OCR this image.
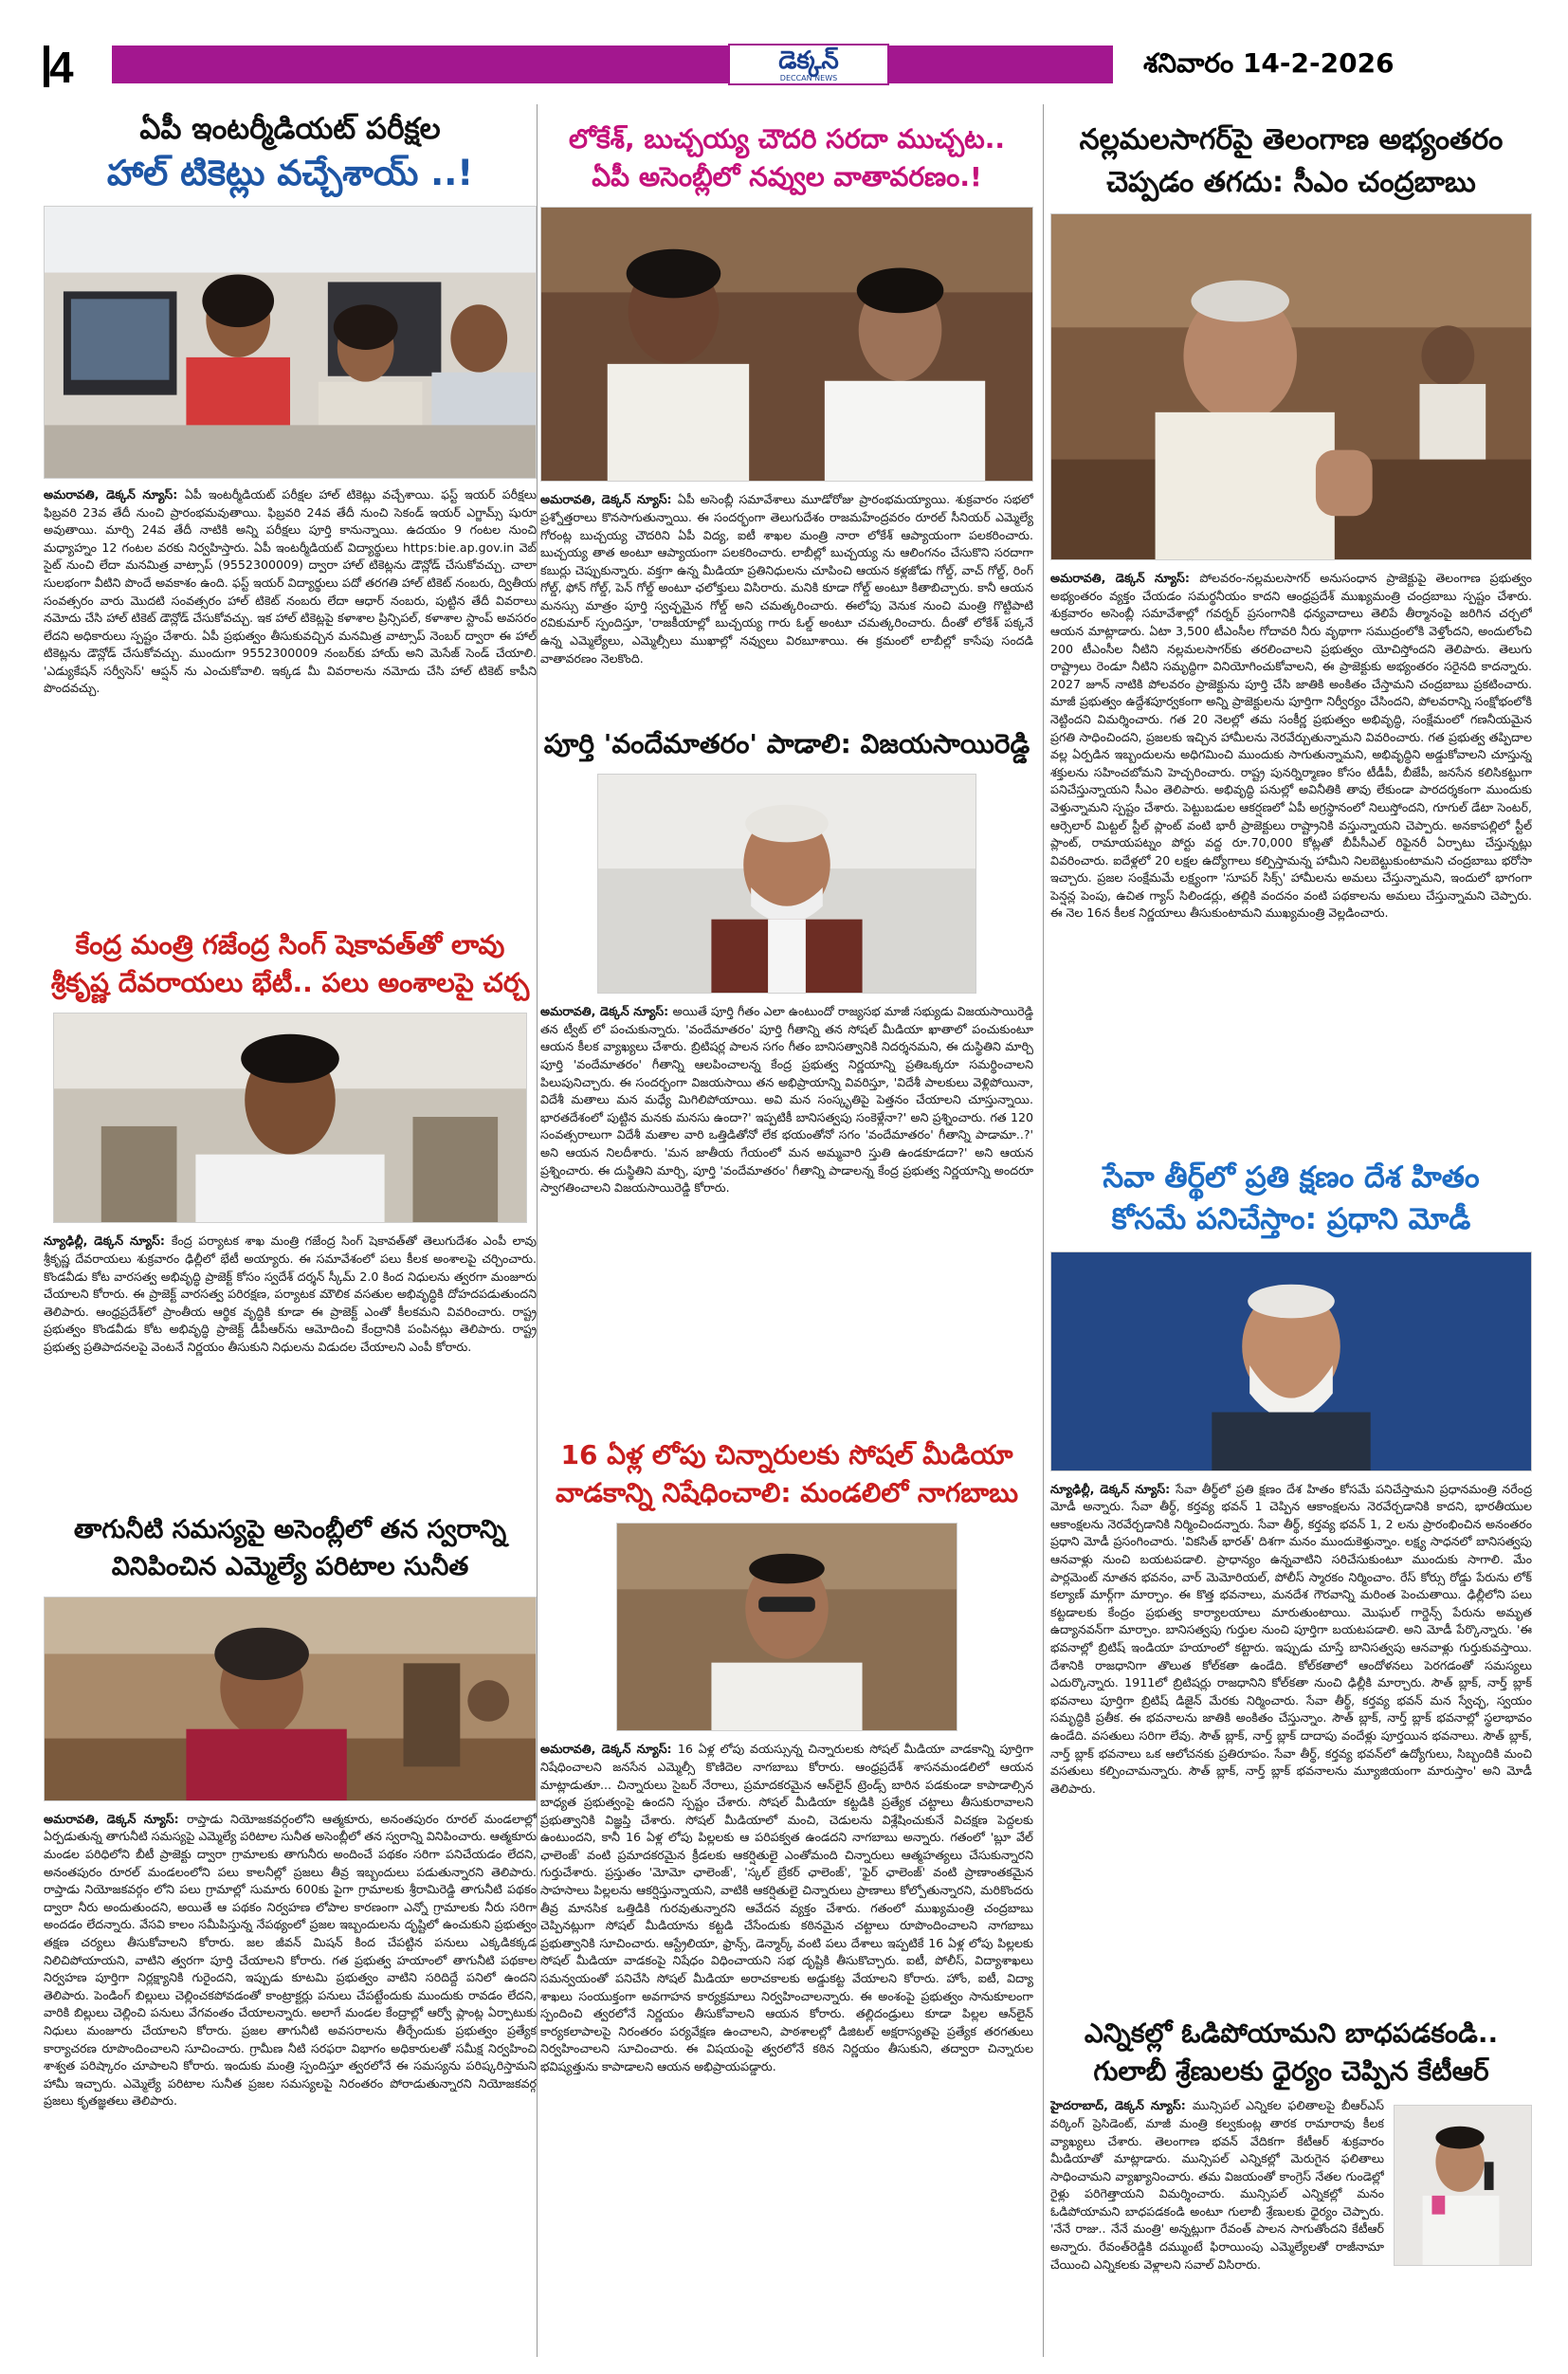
4	డెక్కన్
DECCAN NEWS	శనివారం 14-2-2026
ఏపీ ఇంటర్మీడియట్ పరీక్షల
హాల్ టికెట్లు వచ్చేశాయ్ ..!
అమరావతి, డెక్కన్ న్యూస్: ఏపీ ఇంటర్మీడియట్ పరీక్షల హాల్ టికెట్లు వచ్చేశాయి. ఫస్ట్ ఇయర్ పరీక్షలు ఫిబ్రవరి 23వ తేదీ నుంచి ప్రారంభమవుతాయి. ఫిబ్రవరి 24వ తేదీ నుంచి సెకండ్ ఇయర్ ఎగ్జామ్స్ షురూ అవుతాయి. మార్చి 24వ తేదీ నాటికి అన్ని పరీక్షలు పూర్తి కానున్నాయి. ఉదయం 9 గంటల నుంచి మధ్యాహ్నం 12 గంటల వరకు నిర్వహిస్తారు. ఏపీ ఇంటర్మీడియట్ విద్యార్థులు https:bie.ap.gov.in వెబ్ సైట్ నుంచి లేదా మనమిత్ర వాట్సాప్ (9552300009) ద్వారా హాల్ టికెట్లను డౌన్లోడ్ చేసుకోవచ్చు. చాలా సులభంగా వీటిని పొందే అవకాశం ఉంది. ఫస్ట్ ఇయర్ విద్యార్థులు పదో తరగతి హాల్ టికెట్ నంబరు, ద్వితీయ సంవత్సరం వారు మొదటి సంవత్సరం హాల్ టికెట్ నంబరు లేదా ఆధార్ నంబరు, పుట్టిన తేదీ వివరాలు నమోదు చేసి హాల్ టికెట్ డౌన్లోడ్ చేసుకోవచ్చు. ఇక హాల్ టికెట్లపై కళాశాల ప్రిన్సిపల్, కళాశాల స్టాంప్ అవసరం లేదని అధికారులు స్పష్టం చేశారు. ఏపీ ప్రభుత్వం తీసుకువచ్చిన మనమిత్ర వాట్సాప్ నెంబర్ ద్వారా ఈ హాల్ టికెట్లను డౌన్లోడ్ చేసుకోవచ్చు. ముందుగా 9552300009 నంబర్‌కు హాయ్ అని మెసేజ్ సెండ్ చేయాలి. 'ఎడ్యుకేషన్ సర్వీసెస్' ఆప్షన్ ను ఎంచుకోవాలి. ఇక్కడ మీ వివరాలను నమోదు చేసి హాల్ టికెట్ కాపీని పొందవచ్చు.
కేంద్ర మంత్రి గజేంద్ర సింగ్ షెకావత్‌తో లావు
శ్రీకృష్ణ దేవరాయలు భేటీ.. పలు అంశాలపై చర్చ
న్యూఢిల్లీ, డెక్కన్ న్యూస్: కేంద్ర పర్యాటక శాఖ మంత్రి గజేంద్ర సింగ్ షెకావత్‌తో తెలుగుదేశం ఎంపీ లావు శ్రీకృష్ణ దేవరాయలు శుక్రవారం ఢిల్లీలో భేటీ అయ్యారు. ఈ సమావేశంలో పలు కీలక అంశాలపై చర్చించారు. కొండవీడు కోట వారసత్వ అభివృద్ధి ప్రాజెక్ట్ కోసం స్వదేశ్ దర్శన్ స్కీమ్ 2.0 కింద నిధులను త్వరగా మంజూరు చేయాలని కోరారు. ఈ ప్రాజెక్ట్ వారసత్వ పరిరక్షణ, పర్యాటక మౌలిక వసతుల అభివృద్ధికి దోహదపడుతుందని తెలిపారు. ఆంధ్రప్రదేశ్‌లో ప్రాంతీయ ఆర్థిక వృద్ధికి కూడా ఈ ప్రాజెక్ట్ ఎంతో కీలకమని వివరించారు. రాష్ట్ర ప్రభుత్వం కొండవీడు కోట అభివృద్ధి ప్రాజెక్ట్ డీపీఆర్‌ను ఆమోదించి కేంద్రానికి పంపినట్లు తెలిపారు. రాష్ట్ర ప్రభుత్వ ప్రతిపాదనలపై వెంటనే నిర్ణయం తీసుకుని నిధులను విడుదల చేయాలని ఎంపీ కోరారు.
తాగునీటి సమస్యపై అసెంబ్లీలో తన స్వరాన్ని
వినిపించిన ఎమ్మెల్యే పరిటాల సునీత
అమరావతి, డెక్కన్ న్యూస్: రాప్తాడు నియోజకవర్గంలోని ఆత్మకూరు, అనంతపురం రూరల్ మండలాల్లో ఏర్పడుతున్న తాగునీటి సమస్యపై ఎమ్మెల్యే పరిటాల సునీత అసెంబ్లీలో తన స్వరాన్ని వినిపించారు. ఆత్మకూరు మండల పరిధిలోని బీటీ ప్రాజెక్టు ద్వారా గ్రామాలకు తాగునీరు అందించే పథకం సరిగా పనిచేయడం లేదని, అనంతపురం రూరల్ మండలంలోని పలు కాలనీల్లో ప్రజలు తీవ్ర ఇబ్బందులు పడుతున్నారని తెలిపారు. రాప్తాడు నియోజకవర్గం లోని పలు గ్రామాల్లో సుమారు 600కు పైగా గ్రామాలకు శ్రీరామిరెడ్డి తాగునీటి పథకం ద్వారా నీరు అందుతుందని, అయితే ఆ పథకం నిర్వహణ లోపాల కారణంగా ఎన్నో గ్రామాలకు నీరు సరిగా అందడం లేదన్నారు. వేసవి కాలం సమీపిస్తున్న నేపథ్యంలో ప్రజల ఇబ్బందులను దృష్టిలో ఉంచుకుని ప్రభుత్వం తక్షణ చర్యలు తీసుకోవాలని కోరారు. జల జీవన్ మిషన్ కింద చేపట్టిన పనులు ఎక్కడికక్కడ నిలిచిపోయాయని, వాటిని త్వరగా పూర్తి చేయాలని కోరారు. గత ప్రభుత్వ హయాంలో తాగునీటి పథకాల నిర్వహణ పూర్తిగా నిర్లక్ష్యానికి గురైందని, ఇప్పుడు కూటమి ప్రభుత్వం వాటిని సరిదిద్దే పనిలో ఉందని తెలిపారు. పెండింగ్ బిల్లులు చెల్లించకపోవడంతో కాంట్రాక్టర్లు పనులు చేపట్టేందుకు ముందుకు రావడం లేదని, వారికి బిల్లులు చెల్లించి పనులు వేగవంతం చేయాలన్నారు. అలాగే మండల కేంద్రాల్లో ఆర్వో ప్లాంట్ల ఏర్పాటుకు నిధులు మంజూరు చేయాలని కోరారు. ప్రజల తాగునీటి అవసరాలను తీర్చేందుకు ప్రభుత్వం ప్రత్యేక కార్యాచరణ రూపొందించాలని సూచించారు. గ్రామీణ నీటి సరఫరా విభాగం అధికారులతో సమీక్ష నిర్వహించి శాశ్వత పరిష్కారం చూపాలని కోరారు. ఇందుకు మంత్రి స్పందిస్తూ త్వరలోనే ఈ సమస్యను పరిష్కరిస్తామని హామీ ఇచ్చారు. ఎమ్మెల్యే పరిటాల సునీత ప్రజల సమస్యలపై నిరంతరం పోరాడుతున్నారని నియోజకవర్గ ప్రజలు కృతజ్ఞతలు తెలిపారు.
లోకేశ్, బుచ్చయ్య చౌదరి సరదా ముచ్చట..
ఏపీ అసెంబ్లీలో నవ్వుల వాతావరణం.!
అమరావతి, డెక్కన్ న్యూస్: ఏపీ అసెంబ్లీ సమావేశాలు మూడోరోజు ప్రారంభమయ్యాయి. శుక్రవారం సభలో ప్రశ్నోత్తరాలు కొనసాగుతున్నాయి. ఈ సందర్భంగా తెలుగుదేశం రాజమహేంద్రవరం రూరల్ సీనియర్ ఎమ్మెల్యే గోరంట్ల బుచ్చయ్య చౌదరిని ఏపీ విద్య, ఐటీ శాఖల మంత్రి నారా లోకేశ్ ఆప్యాయంగా పలకరించారు. బుచ్చయ్య తాత అంటూ ఆప్యాయంగా పలకరించారు. లాబీల్లో బుచ్చయ్య ను ఆలింగనం చేసుకొని సరదాగా కబుర్లు చెప్పుకున్నారు. వక్తగా ఉన్న మీడియా ప్రతినిధులను చూపించి ఆయన కళ్లజోడు గోల్డ్, వాచ్ గోల్డ్, రింగ్ గోల్డ్, ఫోన్ గోల్డ్, పెన్ గోల్డ్ అంటూ ఛలోక్తులు విసిరారు. మనికి కూడా గోల్డ్ అంటూ కితాబిచ్చారు. కానీ ఆయన మనస్సు మాత్రం పూర్తి స్వచ్ఛమైన గోల్డ్ అని చమత్కరించారు. ఈలోపు వెనుక నుంచి మంత్రి గొట్టిపాటి రవికుమార్ స్పందిస్తూ, 'రాజకీయాల్లో బుచ్చయ్య గారు ఓల్డ్ అంటూ చమత్కరించారు. దీంతో లోకేశ్ పక్కనే ఉన్న ఎమ్మెల్యేలు, ఎమ్మెల్సీలు ముఖాల్లో నవ్వులు విరబూశాయి. ఈ క్రమంలో లాబీల్లో కాసేపు సందడి వాతావరణం నెలకొంది.
పూర్తి 'వందేమాతరం' పాడాలి: విజయసాయిరెడ్డి
అమరావతి, డెక్కన్ న్యూస్: అయితే పూర్తి గీతం ఎలా ఉంటుందో రాజ్యసభ మాజీ సభ్యుడు విజయసాయిరెడ్డి తన ట్వీట్ లో పంచుకున్నారు. 'వందేమాతరం' పూర్తి గీతాన్ని తన సోషల్ మీడియా ఖాతాలో పంచుకుంటూ ఆయన కీలక వ్యాఖ్యలు చేశారు. బ్రిటిషర్ల పాలన సగం గీతం బానిసత్వానికి నిదర్శనమని, ఈ దుస్థితిని మార్చి పూర్తి 'వందేమాతరం' గీతాన్ని ఆలపించాలన్న కేంద్ర ప్రభుత్వ నిర్ణయాన్ని ప్రతిఒక్కరూ సమర్థించాలని పిలుపునిచ్చారు. ఈ సందర్భంగా విజయసాయి తన అభిప్రాయాన్ని వివరిస్తూ, 'విదేశీ పాలకులు వెళ్లిపోయినా, విదేశీ మతాలు మన మధ్యే మిగిలిపోయాయి. అవి మన సంస్కృతిపై పెత్తనం చేయాలని చూస్తున్నాయి. భారతదేశంలో పుట్టిన మనకు మనసు ఉందా?' ఇప్పటికీ బానిసత్వపు సంకెళ్లేనా?' అని ప్రశ్నించారు. గత 120 సంవత్సరాలుగా విదేశీ మతాల వారి ఒత్తిడితోనో లేక భయంతోనో సగం 'వందేమాతరం' గీతాన్ని పాడామా..?' అని ఆయన నిలదీశారు. 'మన జాతీయ గేయంలో మన అమ్మవారి స్తుతి ఉండకూడదా?' అని ఆయన ప్రశ్నించారు. ఈ దుస్థితిని మార్చి, పూర్తి 'వందేమాతరం' గీతాన్ని పాడాలన్న కేంద్ర ప్రభుత్వ నిర్ణయాన్ని అందరూ స్వాగతించాలని విజయసాయిరెడ్డి కోరారు.
16 ఏళ్ల లోపు చిన్నారులకు సోషల్ మీడియా
వాడకాన్ని నిషేధించాలి: మండలిలో నాగబాబు
అమరావతి, డెక్కన్ న్యూస్: 16 ఏళ్ల లోపు వయస్సున్న చిన్నారులకు సోషల్ మీడియా వాడకాన్ని పూర్తిగా నిషేధించాలని జనసేన ఎమ్మెల్సీ కొణిదెల నాగబాబు కోరారు. ఆంధ్రప్రదేశ్ శాసనమండలిలో ఆయన మాట్లాడుతూ... చిన్నారులు సైబర్ నేరాలు, ప్రమాదకరమైన ఆన్‌లైన్ ట్రెండ్స్ బారిన పడకుండా కాపాడాల్సిన బాధ్యత ప్రభుత్వంపై ఉందని స్పష్టం చేశారు. సోషల్ మీడియా కట్టడికి ప్రత్యేక చట్టాలు తీసుకురావాలని ప్రభుత్వానికి విజ్ఞప్తి చేశారు. సోషల్ మీడియాలో మంచి, చెడులను విశ్లేషించుకునే విచక్షణ పెద్దలకు ఉంటుందని, కానీ 16 ఏళ్ల లోపు పిల్లలకు ఆ పరిపక్వత ఉండదని నాగబాబు అన్నారు. గతంలో 'బ్లూ వేల్ ఛాలెంజ్' వంటి ప్రమాదకరమైన క్రీడలకు ఆకర్షితులై ఎంతోమంది చిన్నారులు ఆత్మహత్యలు చేసుకున్నారని గుర్తుచేశారు. ప్రస్తుతం 'మోమో ఛాలెంజ్', 'స్కల్ బ్రేకర్ ఛాలెంజ్', 'ఫైర్ ఛాలెంజ్' వంటి ప్రాణాంతకమైన సాహసాలు పిల్లలను ఆకర్షిస్తున్నాయని, వాటికి ఆకర్షితులై చిన్నారులు ప్రాణాలు కోల్పోతున్నారని, మరికొందరు తీవ్ర మానసిక ఒత్తిడికి గురవుతున్నారని ఆవేదన వ్యక్తం చేశారు. గతంలో ముఖ్యమంత్రి చంద్రబాబు చెప్పినట్లుగా సోషల్ మీడియాను కట్టడి చేసేందుకు కఠినమైన చట్టాలు రూపొందించాలని నాగబాబు ప్రభుత్వానికి సూచించారు. ఆస్ట్రేలియా, ఫ్రాన్స్, డెన్మార్క్ వంటి పలు దేశాలు ఇప్పటికే 16 ఏళ్ల లోపు పిల్లలకు సోషల్ మీడియా వాడకంపై నిషేధం విధించాయని సభ దృష్టికి తీసుకొచ్చారు. ఐటీ, పోలీస్, విద్యాశాఖలు సమన్వయంతో పనిచేసి సోషల్ మీడియా అరాచకాలకు అడ్డుకట్ట వేయాలని కోరారు. హోం, ఐటీ, విద్యా శాఖలు సంయుక్తంగా అవగాహన కార్యక్రమాలు నిర్వహించాలన్నారు. ఈ అంశంపై ప్రభుత్వం సానుకూలంగా స్పందించి త్వరలోనే నిర్ణయం తీసుకోవాలని ఆయన కోరారు. తల్లిదండ్రులు కూడా పిల్లల ఆన్‌లైన్ కార్యకలాపాలపై నిరంతరం పర్యవేక్షణ ఉంచాలని, పాఠశాలల్లో డిజిటల్ అక్షరాస్యతపై ప్రత్యేక తరగతులు నిర్వహించాలని సూచించారు. ఈ విషయంపై త్వరలోనే కఠిన నిర్ణయం తీసుకుని, తద్వారా చిన్నారుల భవిష్యత్తును కాపాడాలని ఆయన అభిప్రాయపడ్డారు.
నల్లమలసాగర్‌పై తెలంగాణ అభ్యంతరం
చెప్పడం తగదు: సీఎం చంద్రబాబు
అమరావతి, డెక్కన్ న్యూస్: పోలవరం-నల్లమలసాగర్ అనుసంధాన ప్రాజెక్టుపై తెలంగాణ ప్రభుత్వం అభ్యంతరం వ్యక్తం చేయడం సమర్థనీయం కాదని ఆంధ్రప్రదేశ్ ముఖ్యమంత్రి చంద్రబాబు స్పష్టం చేశారు. శుక్రవారం అసెంబ్లీ సమావేశాల్లో గవర్నర్ ప్రసంగానికి ధన్యవాదాలు తెలిపే తీర్మానంపై జరిగిన చర్చలో ఆయన మాట్లాడారు. ఏటా 3,500 టీఎంసీల గోదావరి నీరు వృథాగా సముద్రంలోకి వెళ్తోందని, అందులోంచి 200 టీఎంసీల నీటిని నల్లమలసాగర్‌కు తరలించాలని ప్రభుత్వం యోచిస్తోందని తెలిపారు. తెలుగు రాష్ట్రాలు రెండూ నీటిని సమృద్ధిగా వినియోగించుకోవాలని, ఈ ప్రాజెక్టుకు అభ్యంతరం సరైనది కాదన్నారు. 2027 జూన్ నాటికి పోలవరం ప్రాజెక్టును పూర్తి చేసి జాతికి అంకితం చేస్తామని చంద్రబాబు ప్రకటించారు. మాజీ ప్రభుత్వం ఉద్దేశపూర్వకంగా అన్ని ప్రాజెక్టులను పూర్తిగా నిర్వీర్యం చేసిందని, పోలవరాన్ని సంక్షోభంలోకి నెట్టిందని విమర్శించారు. గత 20 నెలల్లో తమ సంకీర్ణ ప్రభుత్వం అభివృద్ధి, సంక్షేమంలో గణనీయమైన ప్రగతి సాధించిందని, ప్రజలకు ఇచ్చిన హామీలను నెరవేర్చుతున్నామని వివరించారు. గత ప్రభుత్వ తప్పిదాల వల్ల ఏర్పడిన ఇబ్బందులను అధిగమించి ముందుకు సాగుతున్నామని, అభివృద్ధిని అడ్డుకోవాలని చూస్తున్న శక్తులను సహించబోమని హెచ్చరించారు. రాష్ట్ర పునర్నిర్మాణం కోసం టీడీపీ, బీజేపీ, జనసేన కలిసికట్టుగా పనిచేస్తున్నాయని సీఎం తెలిపారు. అభివృద్ధి పనుల్లో అవినీతికి తావు లేకుండా పారదర్శకంగా ముందుకు వెళ్తున్నామని స్పష్టం చేశారు. పెట్టుబడుల ఆకర్షణలో ఏపీ అగ్రస్థానంలో నిలుస్తోందని, గూగుల్ డేటా సెంటర్, ఆర్సెలార్ మిట్టల్ స్టీల్ ప్లాంట్ వంటి భారీ ప్రాజెక్టులు రాష్ట్రానికి వస్తున్నాయని చెప్పారు. అనకాపల్లిలో స్టీల్ ప్లాంట్, రామాయపట్నం పోర్టు వద్ద రూ.70,000 కోట్లతో బీపీసీఎల్ రిఫైనరీ ఏర్పాటు చేస్తున్నట్లు వివరించారు. ఐదేళ్లలో 20 లక్షల ఉద్యోగాలు కల్పిస్తామన్న హామీని నిలబెట్టుకుంటామని చంద్రబాబు భరోసా ఇచ్చారు. ప్రజల సంక్షేమమే లక్ష్యంగా 'సూపర్ సిక్స్' హామీలను అమలు చేస్తున్నామని, ఇందులో భాగంగా పెన్షన్ల పెంపు, ఉచిత గ్యాస్ సిలిండర్లు, తల్లికి వందనం వంటి పథకాలను అమలు చేస్తున్నామని చెప్పారు. ఈ నెల 16న కీలక నిర్ణయాలు తీసుకుంటామని ముఖ్యమంత్రి వెల్లడించారు.
సేవా తీర్థ్‌లో ప్రతి క్షణం దేశ హితం
కోసమే పనిచేస్తాం: ప్రధాని మోడీ
న్యూఢిల్లీ, డెక్కన్ న్యూస్: సేవా తీర్థ్‌లో ప్రతి క్షణం దేశ హితం కోసమే పనిచేస్తామని ప్రధానమంత్రి నరేంద్ర మోడీ అన్నారు. సేవా తీర్థ్, కర్తవ్య భవన్ 1 చెప్పిన ఆకాంక్షలను నెరవేర్చడానికి కాదని, భారతీయుల ఆకాంక్షలను నెరవేర్చడానికి నిర్మించిందన్నారు. సేవా తీర్థ్, కర్తవ్య భవన్ 1, 2 లను ప్రారంభించిన అనంతరం ప్రధాని మోడీ ప్రసంగించారు. 'వికసిత్ భారత్' దిశగా మనం ముందుకెళ్తున్నాం. లక్ష్య సాధనలో బానిసత్వపు ఆనవాళ్లు నుంచి బయటపడాలి. ప్రాధాన్యం ఉన్నవాటిని సరిచేసుకుంటూ ముందుకు సాగాలి. మేం పార్లమెంట్ నూతన భవనం, వార్ మెమోరియల్, పోలీస్ స్మారకం నిర్మించాం. రేస్ కోర్సు రోడ్డు పేరును లోక్ కల్యాణ్ మార్గ్‌గా మార్చాం. ఈ కొత్త భవనాలు, మనదేశ గౌరవాన్ని మరింత పెంచుతాయి. ఢిల్లీలోని పలు కట్టడాలకు కేంద్రం ప్రభుత్వ కార్యాలయాలు మారుతుంటాయి. మొఘల్ గార్డెన్స్ పేరును అమృత ఉద్యానవన్‌గా మార్చాం. బానిసత్వపు గుర్తుల నుంచి పూర్తిగా బయటపడాలి. అని మోడీ పేర్కొన్నారు. 'ఈ భవనాల్లో బ్రిటిష్ ఇండియా హయాంలో కట్టారు. ఇప్పుడు చూస్తే బానిసత్వపు ఆనవాళ్లు గుర్తుకువస్తాయి. దేశానికి రాజధానిగా తొలుత కోల్‌కతా ఉండేది. కోల్‌కతాలో ఆందోళనలు పెరగడంతో సమస్యలు ఎదుర్కొన్నారు. 1911లో బ్రిటిషర్లు రాజధానిని కోల్‌కతా నుంచి ఢిల్లీకి మార్చారు. సౌత్ బ్లాక్, నార్త్ బ్లాక్ భవనాలు పూర్తిగా బ్రిటిష్ డిజైన్ మేరకు నిర్మించారు. సేవా తీర్థ్, కర్తవ్య భవన్ మన స్వేచ్ఛ, స్వయం సమృద్ధికి ప్రతీక. ఈ భవనాలను జాతికి అంకితం చేస్తున్నాం. సౌత్ బ్లాక్, నార్త్ బ్లాక్ భవనాల్లో స్థలాభావం ఉండేది. వసతులు సరిగా లేవు. సౌత్ బ్లాక్, నార్త్ బ్లాక్ దాదాపు వందేళ్లు పూర్తయిన భవనాలు. సౌత్ బ్లాక్, నార్త్ బ్లాక్ భవనాలు ఒక ఆలోచనకు ప్రతిరూపం. సేవా తీర్థ్, కర్తవ్య భవన్‌లో ఉద్యోగులు, సిబ్బందికి మంచి వసతులు కల్పించామన్నారు. సౌత్ బ్లాక్, నార్త్ బ్లాక్ భవనాలను మ్యూజియంగా మారుస్తాం' అని మోడీ తెలిపారు.
ఎన్నికల్లో ఓడిపోయామని బాధపడకండి..
గులాబీ శ్రేణులకు ధైర్యం చెప్పిన కేటీఆర్
హైదరాబాద్, డెక్కన్ న్యూస్: మున్సిపల్ ఎన్నికల ఫలితాలపై బీఆర్ఎస్ వర్కింగ్ ప్రెసిడెంట్, మాజీ మంత్రి కల్వకుంట్ల తారక రామారావు కీలక వ్యాఖ్యలు చేశారు. తెలంగాణ భవన్ వేదికగా కేటీఆర్ శుక్రవారం మీడియాతో మాట్లాడారు. మున్సిపల్ ఎన్నికల్లో మెరుగైన ఫలితాలు సాధించామని వ్యాఖ్యానించారు. తమ విజయంతో కాంగ్రెస్ నేతల గుండెల్లో రైళ్లు పరిగెత్తాయని విమర్శించారు. మున్సిపల్ ఎన్నికల్లో మనం ఓడిపోయామని బాధపడకండి అంటూ గులాబీ శ్రేణులకు ధైర్యం చెప్పారు. 'నేనే రాజు.. నేనే మంత్రి' అన్నట్లుగా రేవంత్ పాలన సాగుతోందని కేటీఆర్ అన్నారు. రేవంత్‌రెడ్డికి దమ్ముంటే ఫిరాయింపు ఎమ్మెల్యేలతో రాజీనామా చేయించి ఎన్నికలకు వెళ్లాలని సవాల్ విసిరారు.
